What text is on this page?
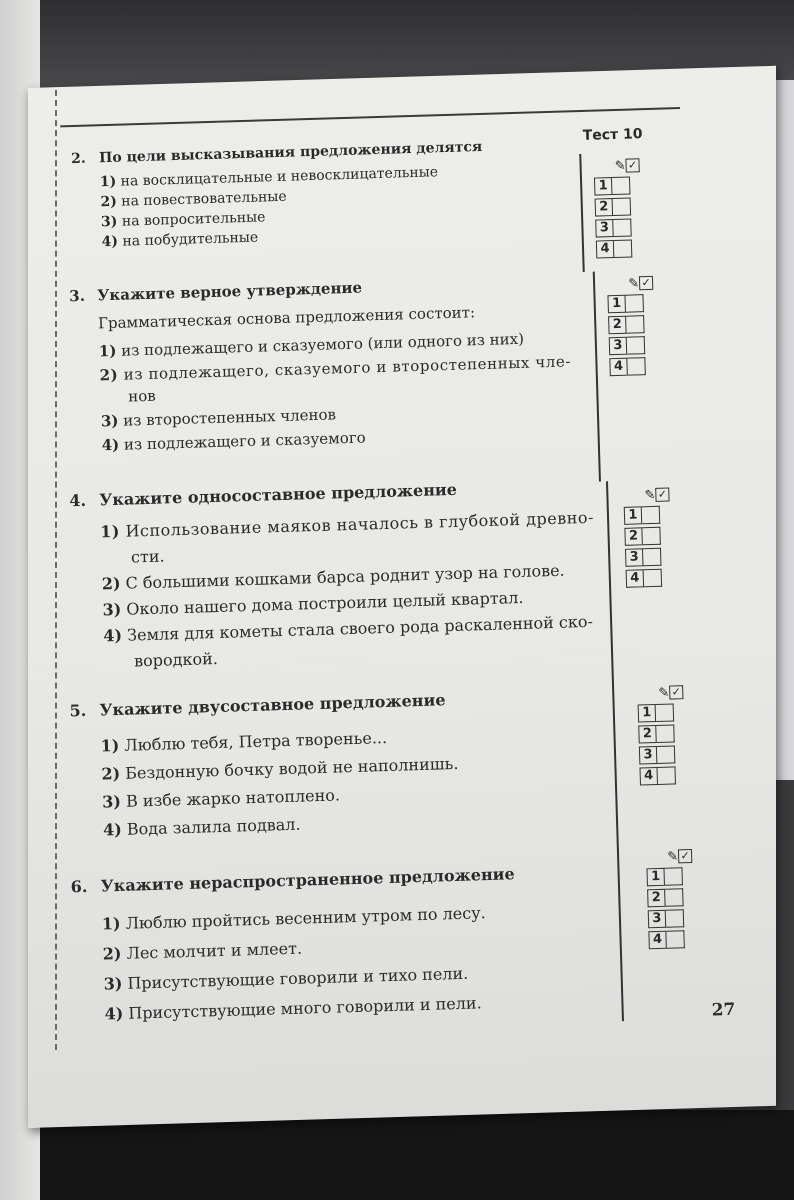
Тест 10
2. По цели высказывания предложения делятся
1) на восклицательные и невосклицательные
2) на повествовательные
3) на вопросительные
4) на побудительные
✎ ✓
1
2
3
4
3. Укажите верное утверждение
Грамматическая основа предложения состоит:
1) из подлежащего и сказуемого (или одного из них)
2) из подлежащего, сказуемого и второстепенных чле-
нов
3) из второстепенных членов
4) из подлежащего и сказуемого
✎ ✓
1
2
3
4
4. Укажите односоставное предложение
1) Использование маяков началось в глубокой древно-
сти.
2) С большими кошками барса роднит узор на голове.
3) Около нашего дома построили целый квартал.
4) Земля для кометы стала своего рода раскаленной ско-
вородкой.
✎ ✓
1
2
3
4
5. Укажите двусоставное предложение
1) Люблю тебя, Петра творенье...
2) Бездонную бочку водой не наполнишь.
3) В избе жарко натоплено.
4) Вода залила подвал.
✎ ✓
1
2
3
4
6. Укажите нераспространенное предложение
1) Люблю пройтись весенним утром по лесу.
2) Лес молчит и млеет.
3) Присутствующие говорили и тихо пели.
4) Присутствующие много говорили и пели.
✎ ✓
1
2
3
4
27
